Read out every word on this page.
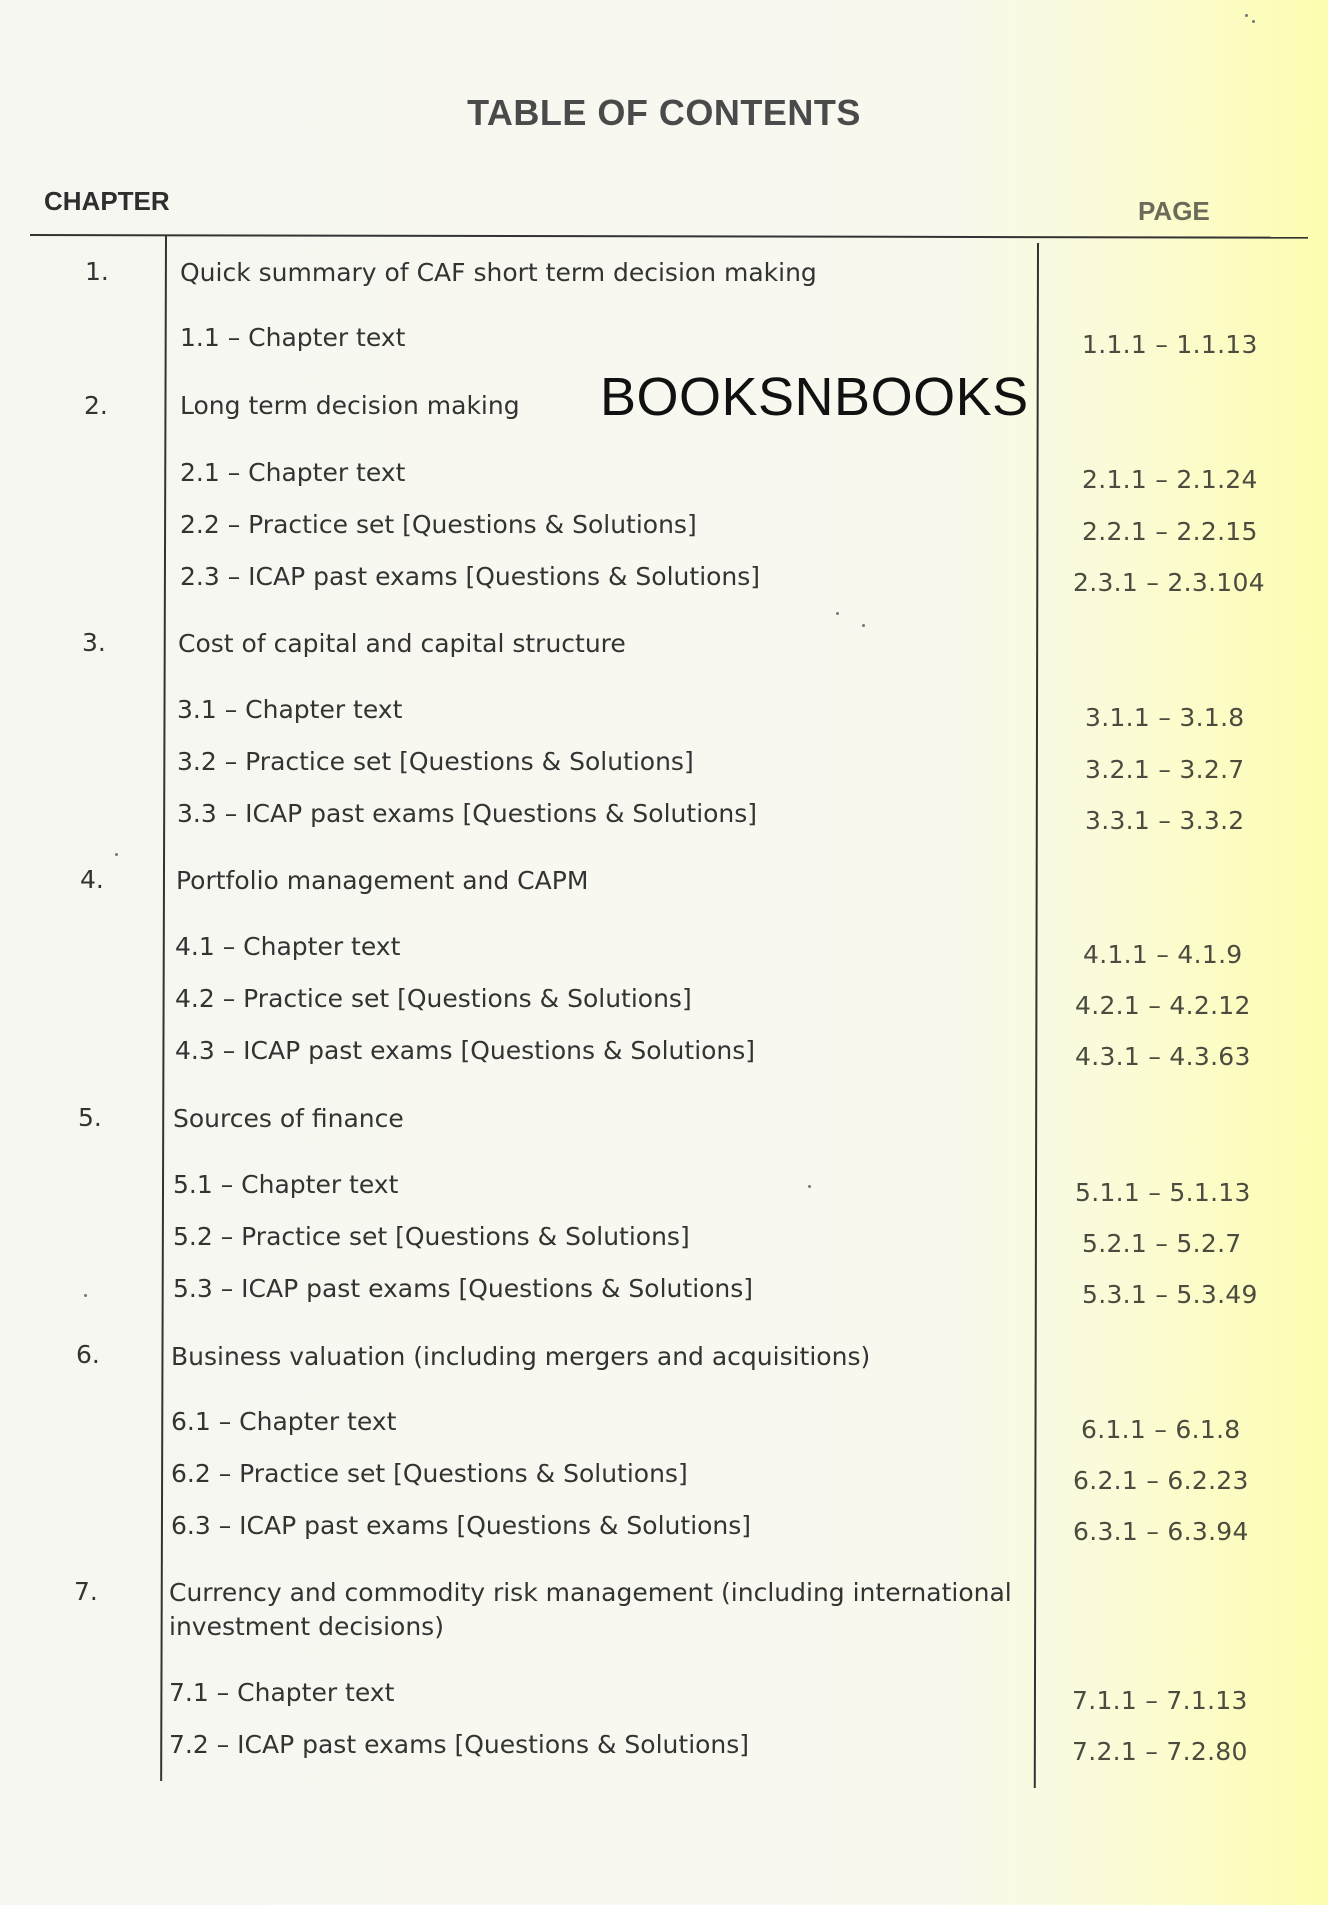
TABLE OF CONTENTS
CHAPTER	PAGE
BOOKSNBOOKS
1.	Quick summary of CAF short term decision making
1.1 – Chapter text	1.1.1 – 1.1.13
2.	Long term decision making
2.1 – Chapter text	2.1.1 – 2.1.24
2.2 – Practice set [Questions & Solutions]	2.2.1 – 2.2.15
2.3 – ICAP past exams [Questions & Solutions]	2.3.1 – 2.3.104
3.	Cost of capital and capital structure
3.1 – Chapter text	3.1.1 – 3.1.8
3.2 – Practice set [Questions & Solutions]	3.2.1 – 3.2.7
3.3 – ICAP past exams [Questions & Solutions]	3.3.1 – 3.3.2
4.	Portfolio management and CAPM
4.1 – Chapter text	4.1.1 – 4.1.9
4.2 – Practice set [Questions & Solutions]	4.2.1 – 4.2.12
4.3 – ICAP past exams [Questions & Solutions]	4.3.1 – 4.3.63
5.	Sources of finance
5.1 – Chapter text	5.1.1 – 5.1.13
5.2 – Practice set [Questions & Solutions]	5.2.1 – 5.2.7
5.3 – ICAP past exams [Questions & Solutions]	5.3.1 – 5.3.49
6.	Business valuation (including mergers and acquisitions)
6.1 – Chapter text	6.1.1 – 6.1.8
6.2 – Practice set [Questions & Solutions]	6.2.1 – 6.2.23
6.3 – ICAP past exams [Questions & Solutions]	6.3.1 – 6.3.94
7.	Currency and commodity risk management (including international
investment decisions)
7.1 – Chapter text	7.1.1 – 7.1.13
7.2 – ICAP past exams [Questions & Solutions]	7.2.1 – 7.2.80
